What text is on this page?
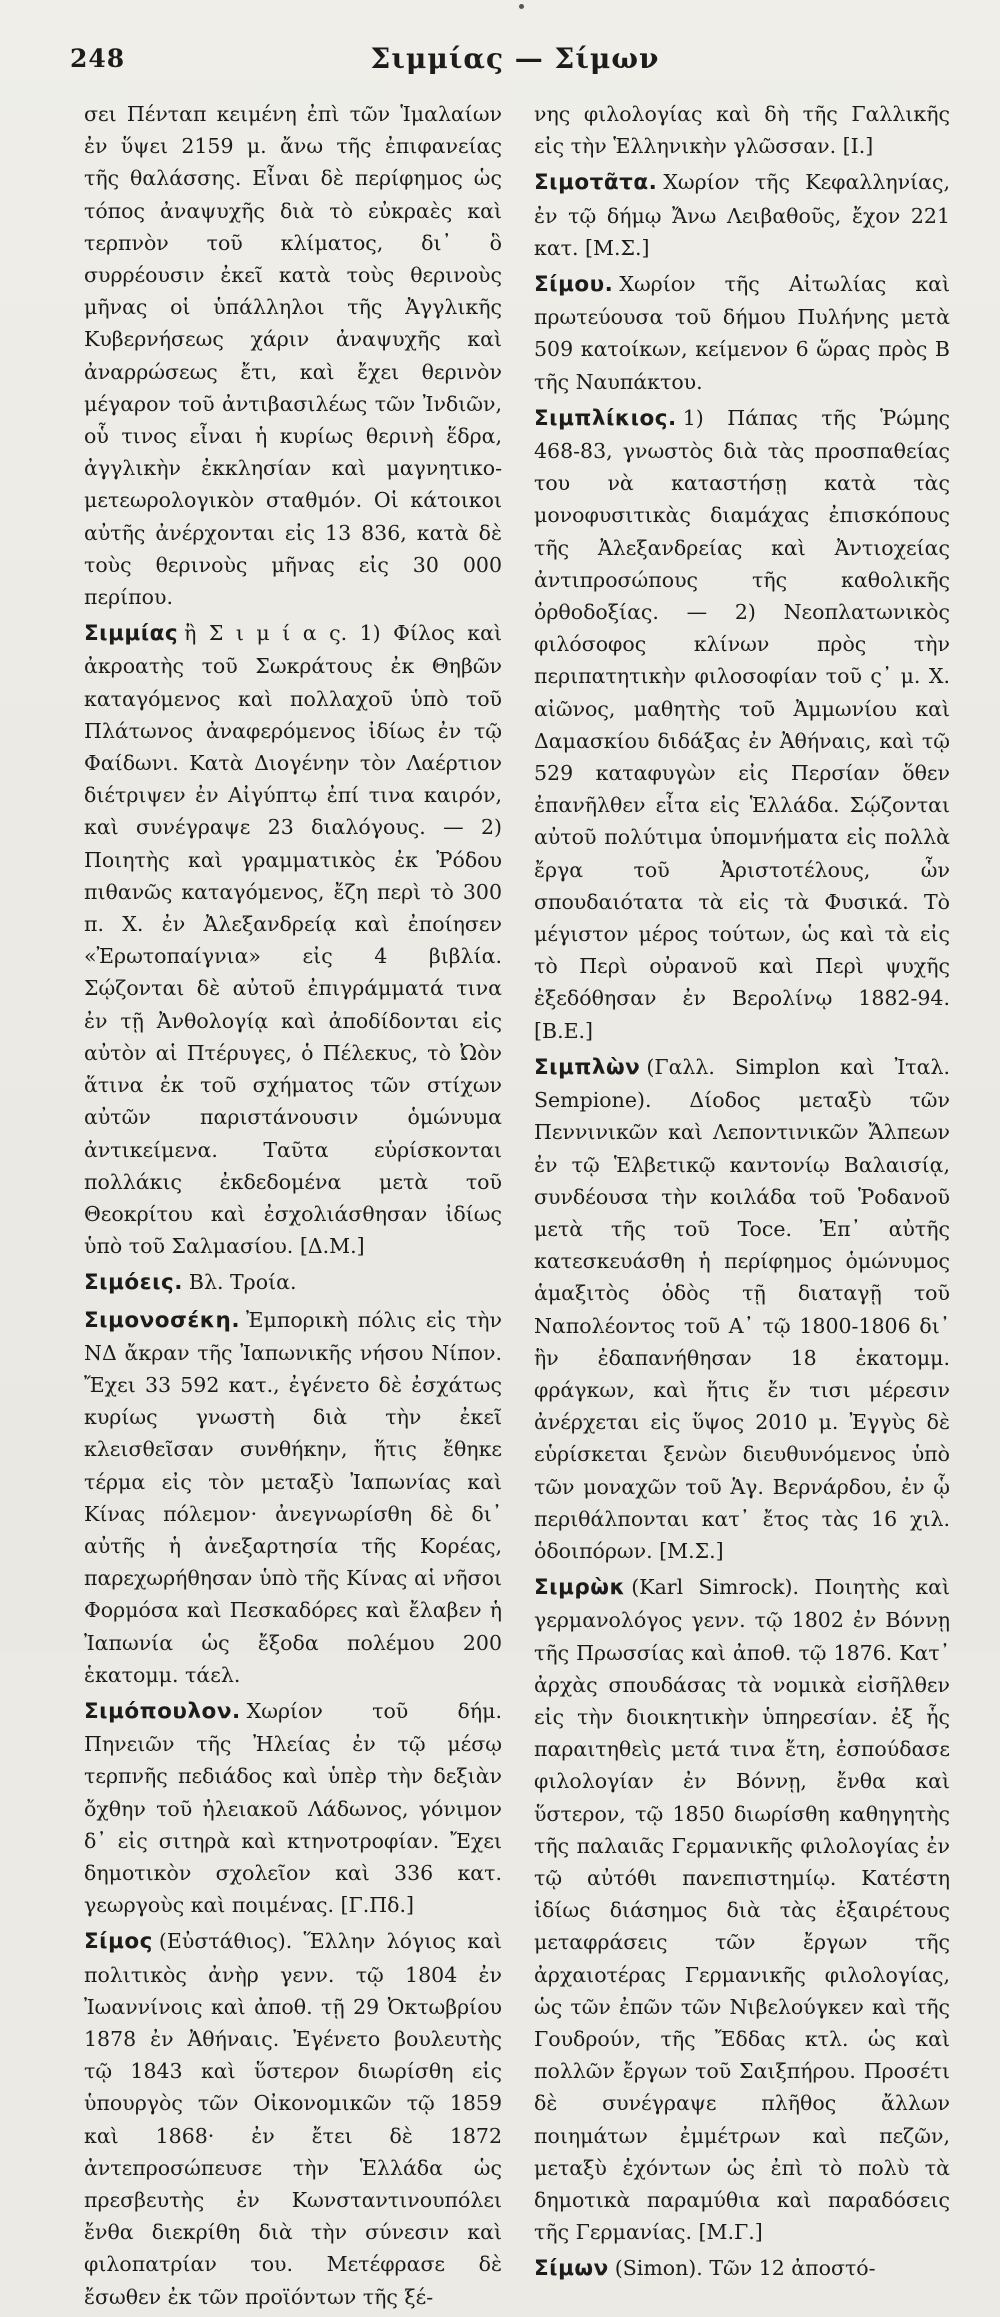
248	Σιμμίας — Σίμων

σει Πένταπ κειμένη ἐπὶ τῶν Ἱμαλαίων ἐν ὕψει 2159 μ. ἄνω τῆς ἐπιφανείας τῆς θαλάσσης. Εἶναι δὲ περίφημος ὡς τόπος ἀναψυχῆς διὰ τὸ εὐκραὲς καὶ τερπνὸν τοῦ κλίματος, δι᾽ ὃ συρρέουσιν ἐκεῖ κατὰ τοὺς θερινοὺς μῆνας οἱ ὑπάλληλοι τῆς Ἀγγλικῆς Κυβερνήσεως χάριν ἀναψυχῆς καὶ ἀναρρώσεως ἔτι, καὶ ἔχει θερινὸν μέγαρον τοῦ ἀντιβασιλέως τῶν Ἰνδιῶν, οὗ τινος εἶναι ἡ κυρίως θερινὴ ἕδρα, ἀγγλικὴν ἐκκλησίαν καὶ μαγνητικο-μετεωρολογικὸν σταθμόν. Οἱ κάτοικοι αὐτῆς ἀνέρχονται εἰς 13 836, κατὰ δὲ τοὺς θερινοὺς μῆνας εἰς 30 000 περίπου.

Σιμμίας ἢ Σ ι μ ί α ς. 1) Φίλος καὶ ἀκροατὴς τοῦ Σωκράτους ἐκ Θηβῶν καταγόμενος καὶ πολλαχοῦ ὑπὸ τοῦ Πλάτωνος ἀναφερόμενος ἰδίως ἐν τῷ Φαίδωνι. Κατὰ Διογένην τὸν Λαέρτιον διέτριψεν ἐν Αἰγύπτῳ ἐπί τινα καιρόν, καὶ συνέγραψε 23 διαλόγους. — 2) Ποιητὴς καὶ γραμματικὸς ἐκ Ῥόδου πιθανῶς καταγόμενος, ἔζη περὶ τὸ 300 π. Χ. ἐν Ἀλεξανδρείᾳ καὶ ἐποίησεν «Ἐρωτοπαίγνια» εἰς 4 βιβλία. Σῴζονται δὲ αὐτοῦ ἐπιγράμματά τινα ἐν τῇ Ἀνθολογίᾳ καὶ ἀποδίδονται εἰς αὐτὸν αἱ Πτέρυγες, ὁ Πέλεκυς, τὸ Ὠὸν ἅτινα ἐκ τοῦ σχήματος τῶν στίχων αὐτῶν παριστάνουσιν ὁμώνυμα ἀντικείμενα. Ταῦτα εὑρίσκονται πολλάκις ἐκδεδομένα μετὰ τοῦ Θεοκρίτου καὶ ἐσχολιάσθησαν ἰδίως ὑπὸ τοῦ Σαλμασίου. [Δ.Μ.]

Σιμόεις. Βλ. Τροία.

Σιμονοσέκη. Ἐμπορικὴ πόλις εἰς τὴν ΝΔ ἄκραν τῆς Ἰαπωνικῆς νήσου Νίπον. Ἔχει 33 592 κατ., ἐγένετο δὲ ἐσχάτως κυρίως γνωστὴ διὰ τὴν ἐκεῖ κλεισθεῖσαν συνθήκην, ἥτις ἔθηκε τέρμα εἰς τὸν μεταξὺ Ἰαπωνίας καὶ Κίνας πόλεμον· ἀνεγνωρίσθη δὲ δι᾽ αὐτῆς ἡ ἀνεξαρτησία τῆς Κορέας, παρεχωρήθησαν ὑπὸ τῆς Κίνας αἱ νῆσοι Φορμόσα καὶ Πεσκαδόρες καὶ ἔλαβεν ἡ Ἰαπωνία ὡς ἔξοδα πολέμου 200 ἑκατομμ. τάελ.

Σιμόπουλον. Χωρίον τοῦ δήμ. Πηνειῶν τῆς Ἠλείας ἐν τῷ μέσῳ τερπνῆς πεδιάδος καὶ ὑπὲρ τὴν δεξιὰν ὄχθην τοῦ ἠλειακοῦ Λάδωνος, γόνιμον δ᾽ εἰς σιτηρὰ καὶ κτηνοτροφίαν. Ἔχει δημοτικὸν σχολεῖον καὶ 336 κατ. γεωργοὺς καὶ ποιμένας. [Γ.Πδ.]

Σίμος (Εὐστάθιος). Ἕλλην λόγιος καὶ πολιτικὸς ἀνὴρ γενν. τῷ 1804 ἐν Ἰωαννίνοις καὶ ἀποθ. τῇ 29 Ὀκτωβρίου 1878 ἐν Ἀθήναις. Ἐγένετο βουλευτὴς τῷ 1843 καὶ ὕστερον διωρίσθη εἰς ὑπουργὸς τῶν Οἰκονομικῶν τῷ 1859 καὶ 1868· ἐν ἔτει δὲ 1872 ἀντεπροσώπευσε τὴν Ἑλλάδα ὡς πρεσβευτὴς ἐν Κωνσταντινουπόλει ἔνθα διεκρίθη διὰ τὴν σύνεσιν καὶ φιλοπατρίαν του. Μετέφρασε δὲ ἔσωθεν ἐκ τῶν προϊόντων τῆς ξέ-

νης φιλολογίας καὶ δὴ τῆς Γαλλικῆς εἰς τὴν Ἑλληνικὴν γλῶσσαν. [Ι.]

Σιμοτᾶτα. Χωρίον τῆς Κεφαλληνίας, ἐν τῷ δήμῳ Ἄνω Λειβαθοῦς, ἔχον 221 κατ. [Μ.Σ.]

Σίμου. Χωρίον τῆς Αἰτωλίας καὶ πρωτεύουσα τοῦ δήμου Πυλήνης μετὰ 509 κατοίκων, κείμενον 6 ὥρας πρὸς Β τῆς Ναυπάκτου.

Σιμπλίκιος. 1) Πάπας τῆς Ῥώμης 468-83, γνωστὸς διὰ τὰς προσπαθείας του νὰ καταστήσῃ κατὰ τὰς μονοφυσιτικὰς διαμάχας ἐπισκόπους τῆς Ἀλεξανδρείας καὶ Ἀντιοχείας ἀντιπροσώπους τῆς καθολικῆς ὀρθοδοξίας. — 2) Νεοπλατωνικὸς φιλόσοφος κλίνων πρὸς τὴν περιπατητικὴν φιλοσοφίαν τοῦ ς᾽ μ. Χ. αἰῶνος, μαθητὴς τοῦ Ἀμμωνίου καὶ Δαμασκίου διδάξας ἐν Ἀθήναις, καὶ τῷ 529 καταφυγὼν εἰς Περσίαν ὅθεν ἐπανῆλθεν εἶτα εἰς Ἑλλάδα. Σῴζονται αὐτοῦ πολύτιμα ὑπομνήματα εἰς πολλὰ ἔργα τοῦ Ἀριστοτέλους, ὧν σπουδαιότατα τὰ εἰς τὰ Φυσικά. Τὸ μέγιστον μέρος τούτων, ὡς καὶ τὰ εἰς τὸ Περὶ οὐρανοῦ καὶ Περὶ ψυχῆς ἐξεδόθησαν ἐν Βερολίνῳ 1882-94. [Β.Ε.]

Σιμπλὼν (Γαλλ. Simplon καὶ Ἰταλ. Sempione). Δίοδος μεταξὺ τῶν Πεννινικῶν καὶ Λεποντινικῶν Ἄλπεων ἐν τῷ Ἑλβετικῷ καντονίῳ Βαλαισίᾳ, συνδέουσα τὴν κοιλάδα τοῦ Ῥοδανοῦ μετὰ τῆς τοῦ Toce. Ἐπ᾽ αὐτῆς κατεσκευάσθη ἡ περίφημος ὁμώνυμος ἁμαξιτὸς ὁδὸς τῇ διαταγῇ τοῦ Ναπολέοντος τοῦ Α᾽ τῷ 1800-1806 δι᾽ ἣν ἐδαπανήθησαν 18 ἑκατομμ. φράγκων, καὶ ἥτις ἔν τισι μέρεσιν ἀνέρχεται εἰς ὕψος 2010 μ. Ἐγγὺς δὲ εὑρίσκεται ξενὼν διευθυνόμενος ὑπὸ τῶν μοναχῶν τοῦ Ἁγ. Βερνάρδου, ἐν ᾧ περιθάλπονται κατ᾽ ἔτος τὰς 16 χιλ. ὁδοιπόρων. [Μ.Σ.]

Σιμρὼκ (Karl Simrock). Ποιητὴς καὶ γερμανολόγος γενν. τῷ 1802 ἐν Βόννῃ τῆς Πρωσσίας καὶ ἀποθ. τῷ 1876. Κατ᾽ ἀρχὰς σπουδάσας τὰ νομικὰ εἰσῆλθεν εἰς τὴν διοικητικὴν ὑπηρεσίαν. ἐξ ἧς παραιτηθεὶς μετά τινα ἔτη, ἐσπούδασε φιλολογίαν ἐν Βόννῃ, ἔνθα καὶ ὕστερον, τῷ 1850 διωρίσθη καθηγητὴς τῆς παλαιᾶς Γερμανικῆς φιλολογίας ἐν τῷ αὐτόθι πανεπιστημίῳ. Κατέστη ἰδίως διάσημος διὰ τὰς ἐξαιρέτους μεταφράσεις τῶν ἔργων τῆς ἀρχαιοτέρας Γερμανικῆς φιλολογίας, ὡς τῶν ἐπῶν τῶν Νιβελούγκεν καὶ τῆς Γουδρούν, τῆς Ἔδδας κτλ. ὡς καὶ πολλῶν ἔργων τοῦ Σαιξπήρου. Προσέτι δὲ συνέγραψε πλῆθος ἄλλων ποιημάτων ἐμμέτρων καὶ πεζῶν, μεταξὺ ἐχόντων ὡς ἐπὶ τὸ πολὺ τὰ δημοτικὰ παραμύθια καὶ παραδόσεις τῆς Γερμανίας. [Μ.Γ.]

Σίμων (Simon). Τῶν 12 ἀποστό-
